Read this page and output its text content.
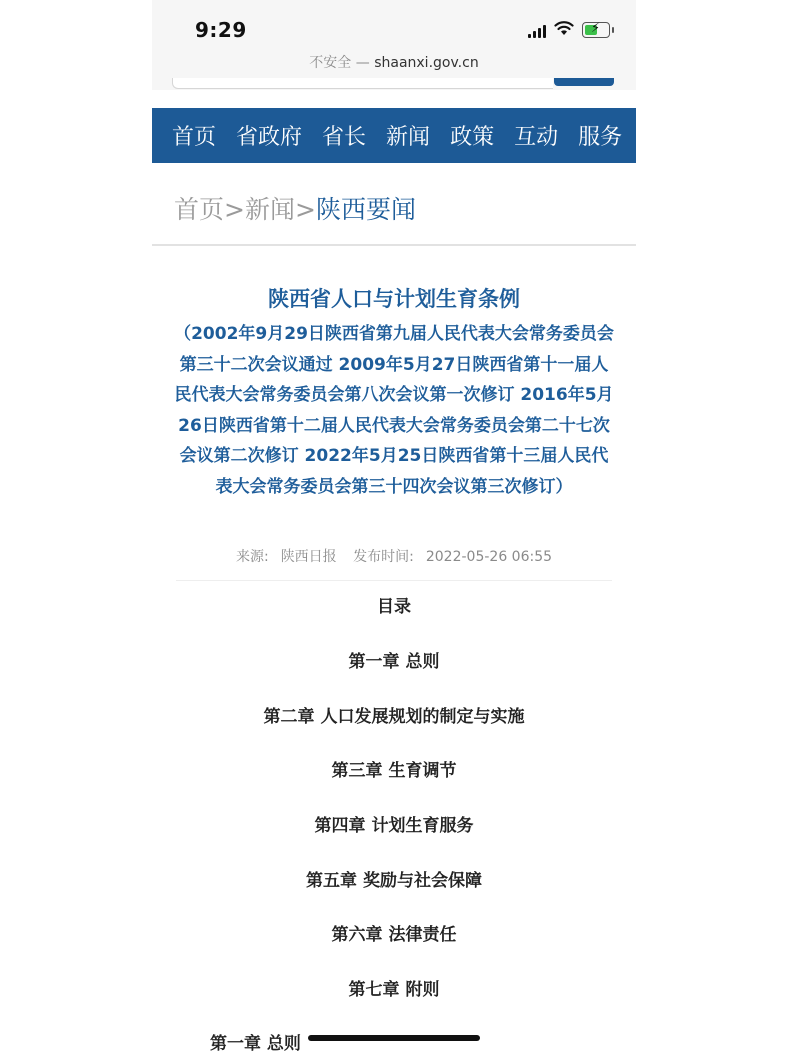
9:29	⚡
不安全 — shaanxi.gov.cn
首页 省政府 省长 新闻 政策 互动 服务
首页>新闻>陕西要闻
陕西省人口与计划生育条例
（2002年9月29日陕西省第九届人民代表大会常务委员会第三十二次会议通过 2009年5月27日陕西省第十一届人民代表大会常务委员会第八次会议第一次修订 2016年5月26日陕西省第十二届人民代表大会常务委员会第二十七次会议第二次修订 2022年5月25日陕西省第十三届人民代表大会常务委员会第三十四次会议第三次修订）
来源: 陕西日报 发布时间: 2022-05-26 06:55
目录
第一章 总则
第二章 人口发展规划的制定与实施
第三章 生育调节
第四章 计划生育服务
第五章 奖励与社会保障
第六章 法律责任
第七章 附则
第一章 总则
